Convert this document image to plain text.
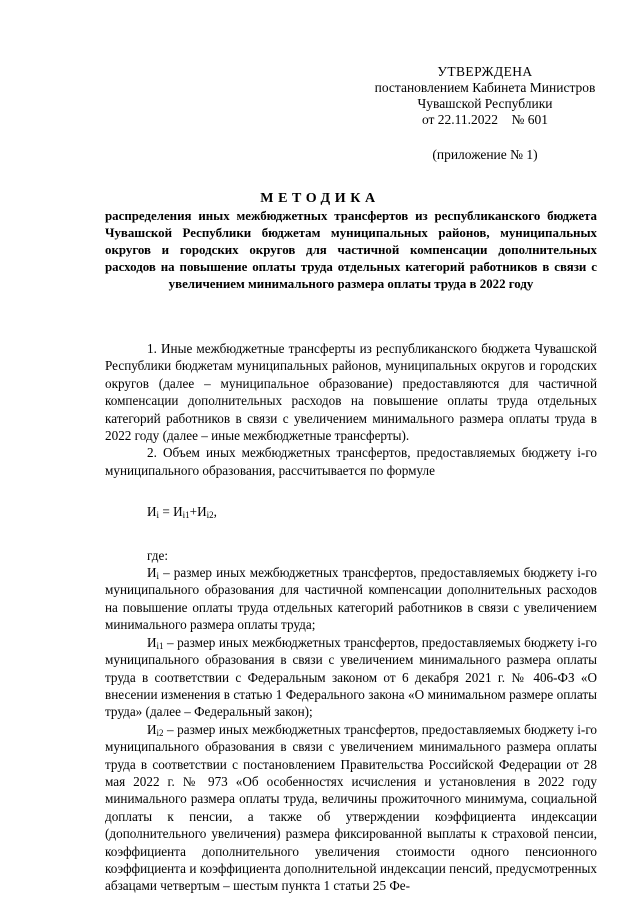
УТВЕРЖДЕНА
постановлением Кабинета Министров
Чувашской Республики
от 22.11.2022    № 601
(приложение № 1)
МЕТОДИКА
распределения иных межбюджетных трансфертов из республиканского бюджета Чувашской Республики бюджетам муниципальных районов, муниципальных округов и городских округов для частичной компенсации дополнительных расходов на повышение оплаты труда отдельных категорий работников в связи с увеличением минимального размера оплаты труда в 2022 году

1. Иные межбюджетные трансферты из республиканского бюджета Чувашской Республики бюджетам муниципальных районов, муниципальных округов и городских округов (далее – муниципальное образование) предоставляются для частичной компенсации дополнительных расходов на повышение оплаты труда отдельных категорий работников в связи с увеличением минимального размера оплаты труда в 2022 году (далее – иные межбюджетные трансферты).

2. Объем иных межбюджетных трансфертов, предоставляемых бюджету i-го муниципального образования, рассчитывается по формуле

$И_i = И_{i1}+И_{i2}$,

где:

$И_i$ – размер иных межбюджетных трансфертов, предоставляемых бюджету i-го муниципального образования для частичной компенсации дополнительных расходов на повышение оплаты труда отдельных категорий работников в связи с увеличением минимального размера оплаты труда;

$И_{i1}$ – размер иных межбюджетных трансфертов, предоставляемых бюджету i-го муниципального образования в связи с увеличением минимального размера оплаты труда в соответствии с Федеральным законом от 6 декабря 2021 г. № 406-ФЗ «О внесении изменения в статью 1 Федерального закона «О минимальном размере оплаты труда» (далее – Федеральный закон);

$И_{i2}$ – размер иных межбюджетных трансфертов, предоставляемых бюджету i-го муниципального образования в связи с увеличением минимального размера оплаты труда в соответствии с постановлением Правительства Российской Федерации от 28 мая 2022 г. № 973 «Об особенностях исчисления и установления в 2022 году минимального размера оплаты труда, величины прожиточного минимума, социальной доплаты к пенсии, а также об утверждении коэффициента индексации (дополнительного увеличения) размера фиксированной выплаты к страховой пенсии, коэффициента дополнительного увеличения стоимости одного пенсионного коэффициента и коэффициента дополнительной индексации пенсий, предусмотренных абзацами четвертым – шестым пункта 1 статьи 25 Фе-
